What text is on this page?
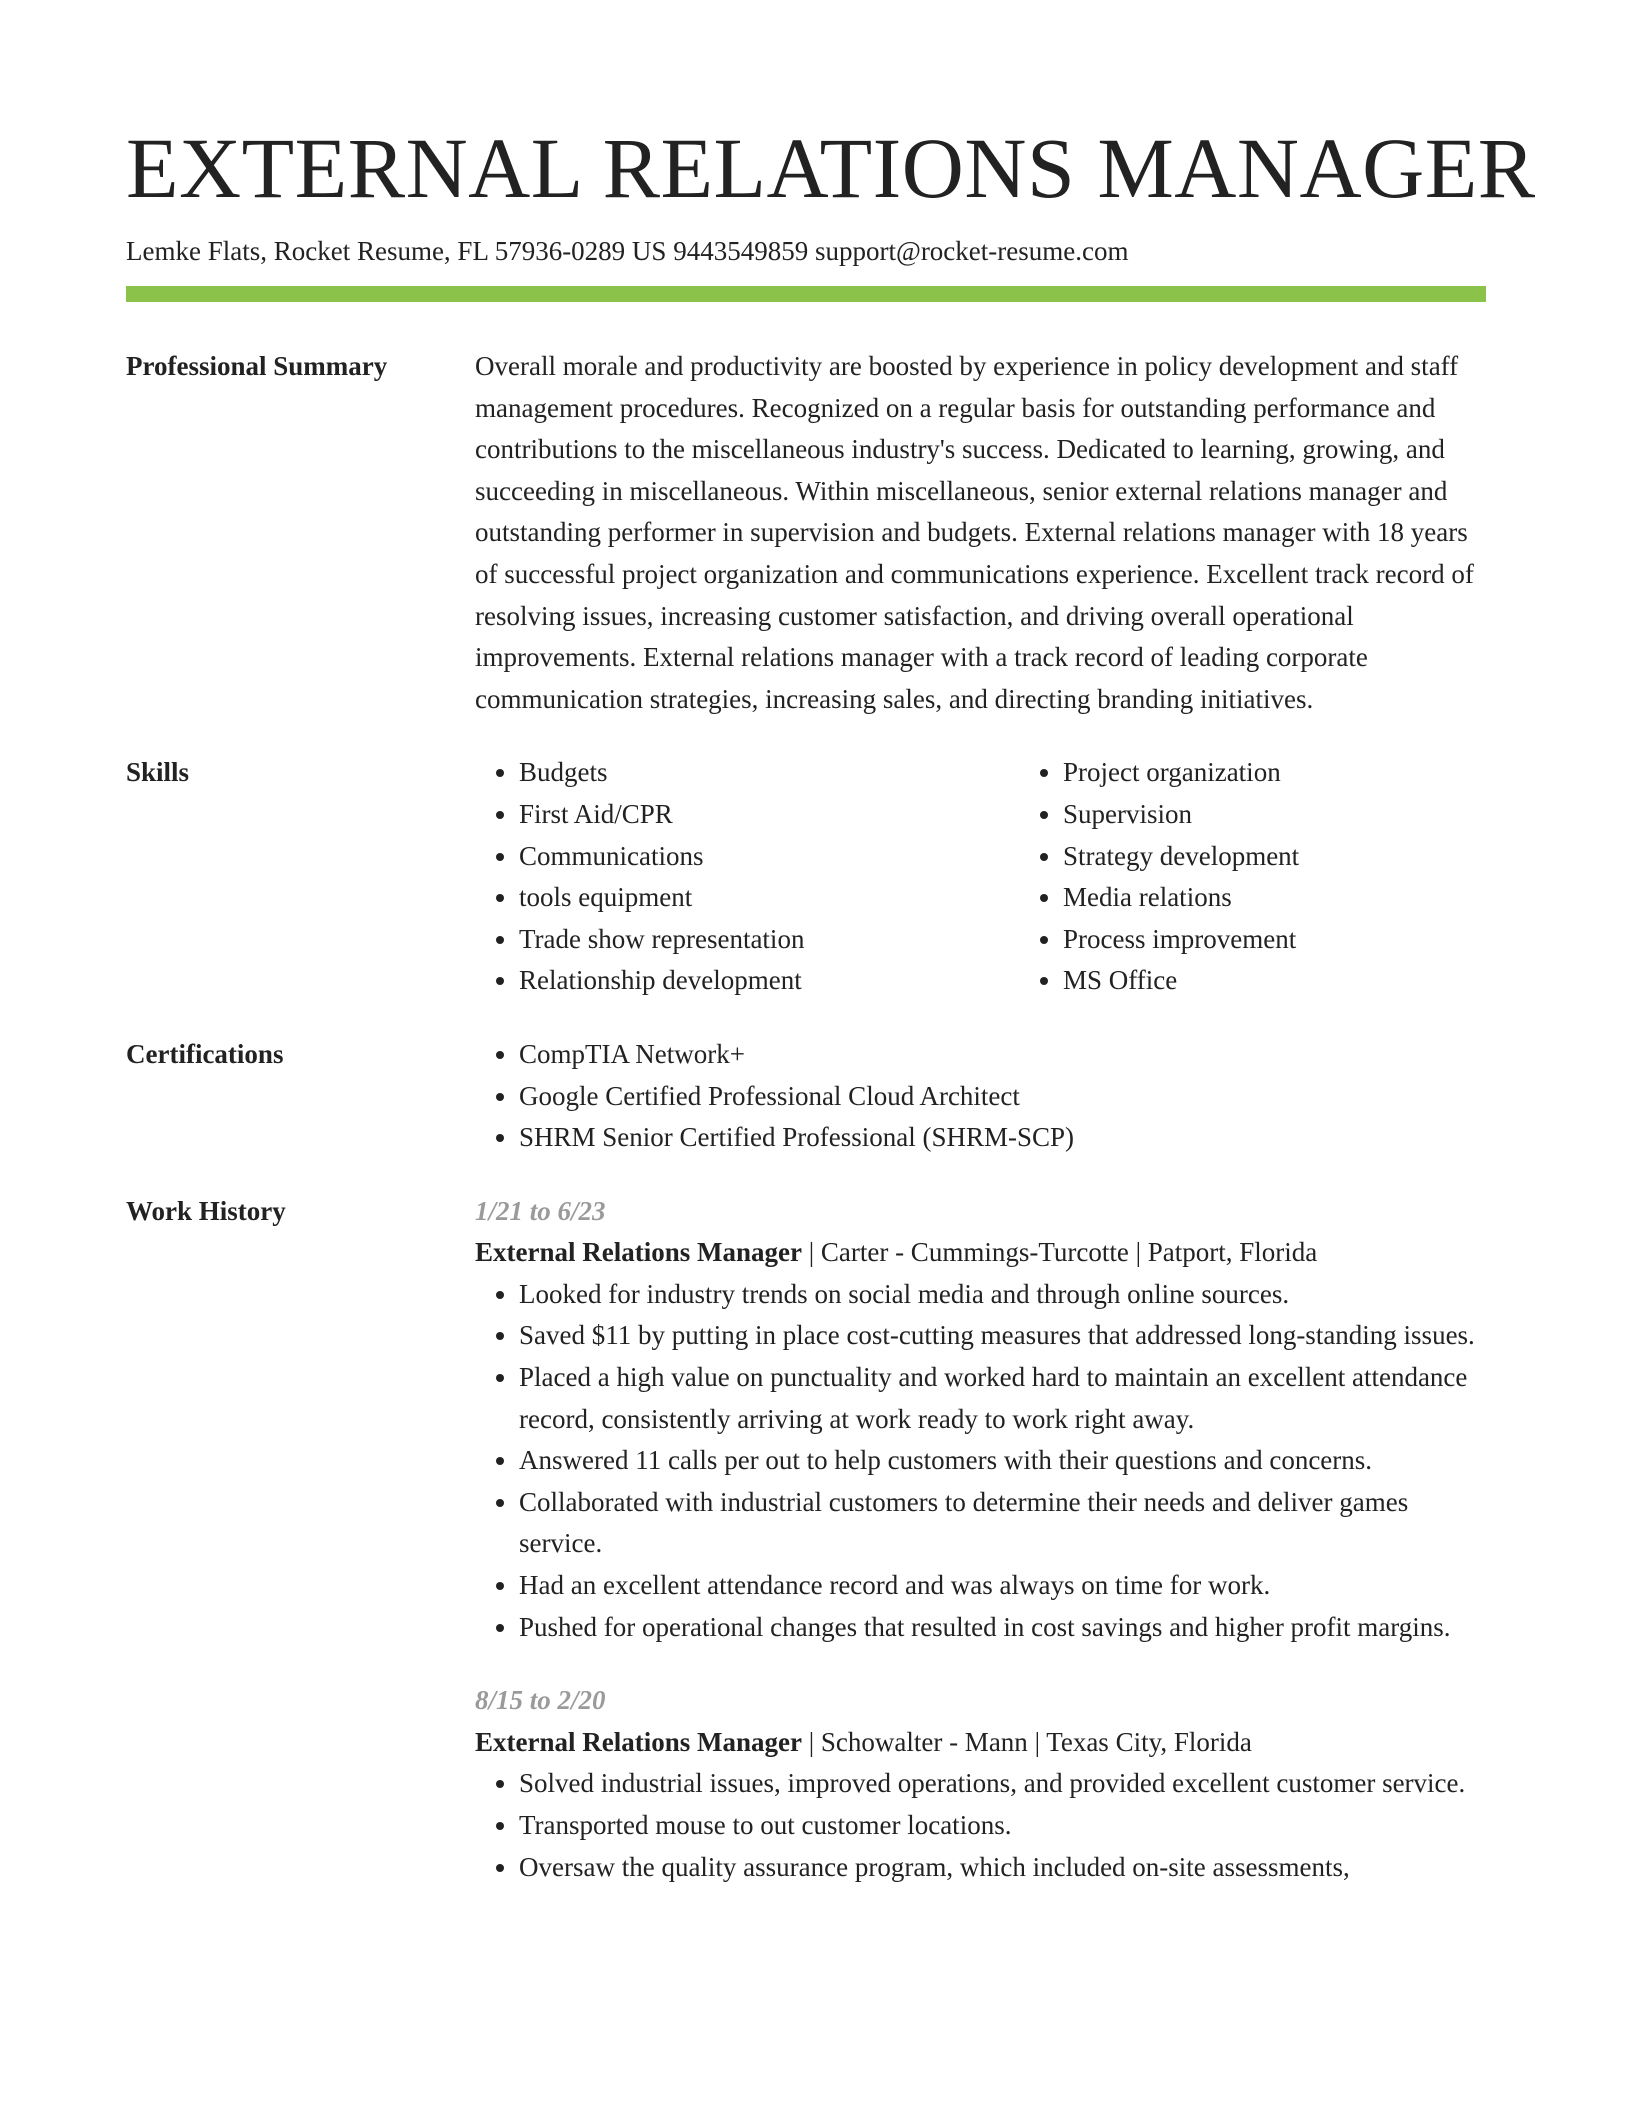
EXTERNAL RELATIONS MANAGER
Lemke Flats, Rocket Resume, FL 57936-0289 US 9443549859 support@rocket-resume.com
Professional Summary	Overall morale and productivity are boosted by experience in policy development and staff management procedures. Recognized on a regular basis for outstanding performance and contributions to the miscellaneous industry's success. Dedicated to learning, growing, and succeeding in miscellaneous. Within miscellaneous, senior external relations manager and outstanding performer in supervision and budgets. External relations manager with 18 years of successful project organization and communications experience. Excellent track record of resolving issues, increasing customer satisfaction, and driving overall operational improvements. External relations manager with a track record of leading corporate communication strategies, increasing sales, and directing branding initiatives.
Skills	• Budgets
• First Aid/CPR
• Communications
• tools equipment
• Trade show representation
• Relationship development
• Project organization
• Supervision
• Strategy development
• Media relations
• Process improvement
• MS Office
Certifications	• CompTIA Network+
• Google Certified Professional Cloud Architect
• SHRM Senior Certified Professional (SHRM-SCP)
Work History	1/21 to 6/23
External Relations Manager | Carter - Cummings-Turcotte | Patport, Florida
• Looked for industry trends on social media and through online sources.
• Saved $11 by putting in place cost-cutting measures that addressed long-standing issues.
• Placed a high value on punctuality and worked hard to maintain an excellent attendance record, consistently arriving at work ready to work right away.
• Answered 11 calls per out to help customers with their questions and concerns.
• Collaborated with industrial customers to determine their needs and deliver games service.
• Had an excellent attendance record and was always on time for work.
• Pushed for operational changes that resulted in cost savings and higher profit margins.
8/15 to 2/20
External Relations Manager | Schowalter - Mann | Texas City, Florida
• Solved industrial issues, improved operations, and provided excellent customer service.
• Transported mouse to out customer locations.
• Oversaw the quality assurance program, which included on-site assessments,
